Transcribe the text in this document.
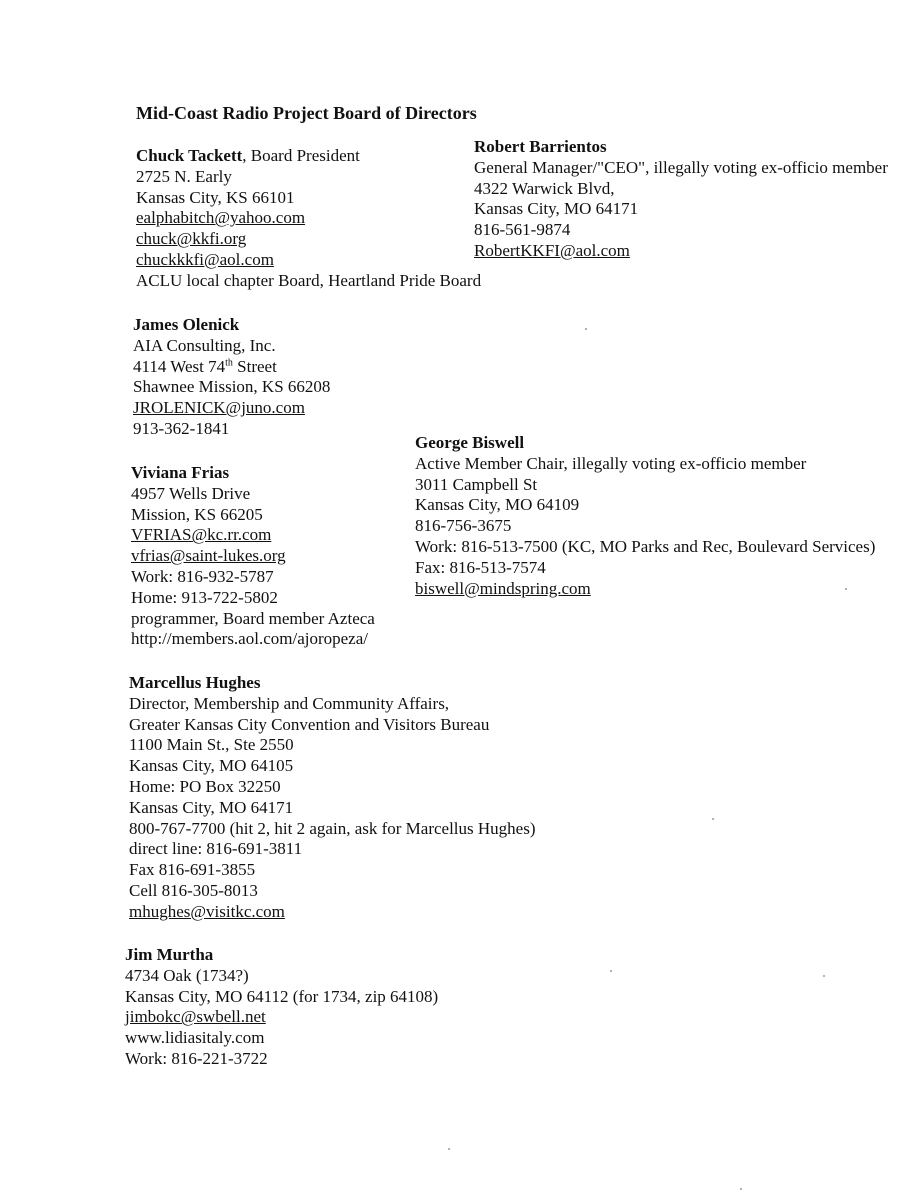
Mid-Coast Radio Project Board of Directors
Chuck Tackett, Board President
2725 N. Early
Kansas City, KS 66101
ealphabitch@yahoo.com
chuck@kkfi.org
chuckkkfi@aol.com
ACLU local chapter Board, Heartland Pride Board
Robert Barrientos
General Manager/"CEO", illegally voting ex-officio member
4322 Warwick Blvd,
Kansas City, MO 64171
816-561-9874
RobertKKFI@aol.com
James Olenick
AIA Consulting, Inc.
4114 West 74th Street
Shawnee Mission, KS 66208
JROLENICK@juno.com
913-362-1841
George Biswell
Active Member Chair, illegally voting ex-officio member
3011 Campbell St
Kansas City, MO 64109
816-756-3675
Work: 816-513-7500 (KC, MO Parks and Rec, Boulevard Services)
Fax: 816-513-7574
biswell@mindspring.com
Viviana Frias
4957 Wells Drive
Mission, KS 66205
VFRIAS@kc.rr.com
vfrias@saint-lukes.org
Work: 816-932-5787
Home: 913-722-5802
programmer, Board member Azteca
http://members.aol.com/ajoropeza/
Marcellus Hughes
Director, Membership and Community Affairs,
Greater Kansas City Convention and Visitors Bureau
1100 Main St., Ste 2550
Kansas City, MO 64105
Home: PO Box 32250
Kansas City, MO 64171
800-767-7700 (hit 2, hit 2 again, ask for Marcellus Hughes)
direct line: 816-691-3811
Fax 816-691-3855
Cell 816-305-8013
mhughes@visitkc.com
Jim Murtha
4734 Oak (1734?)
Kansas City, MO 64112 (for 1734, zip 64108)
jimbokc@swbell.net
www.lidiasitaly.com
Work: 816-221-3722
